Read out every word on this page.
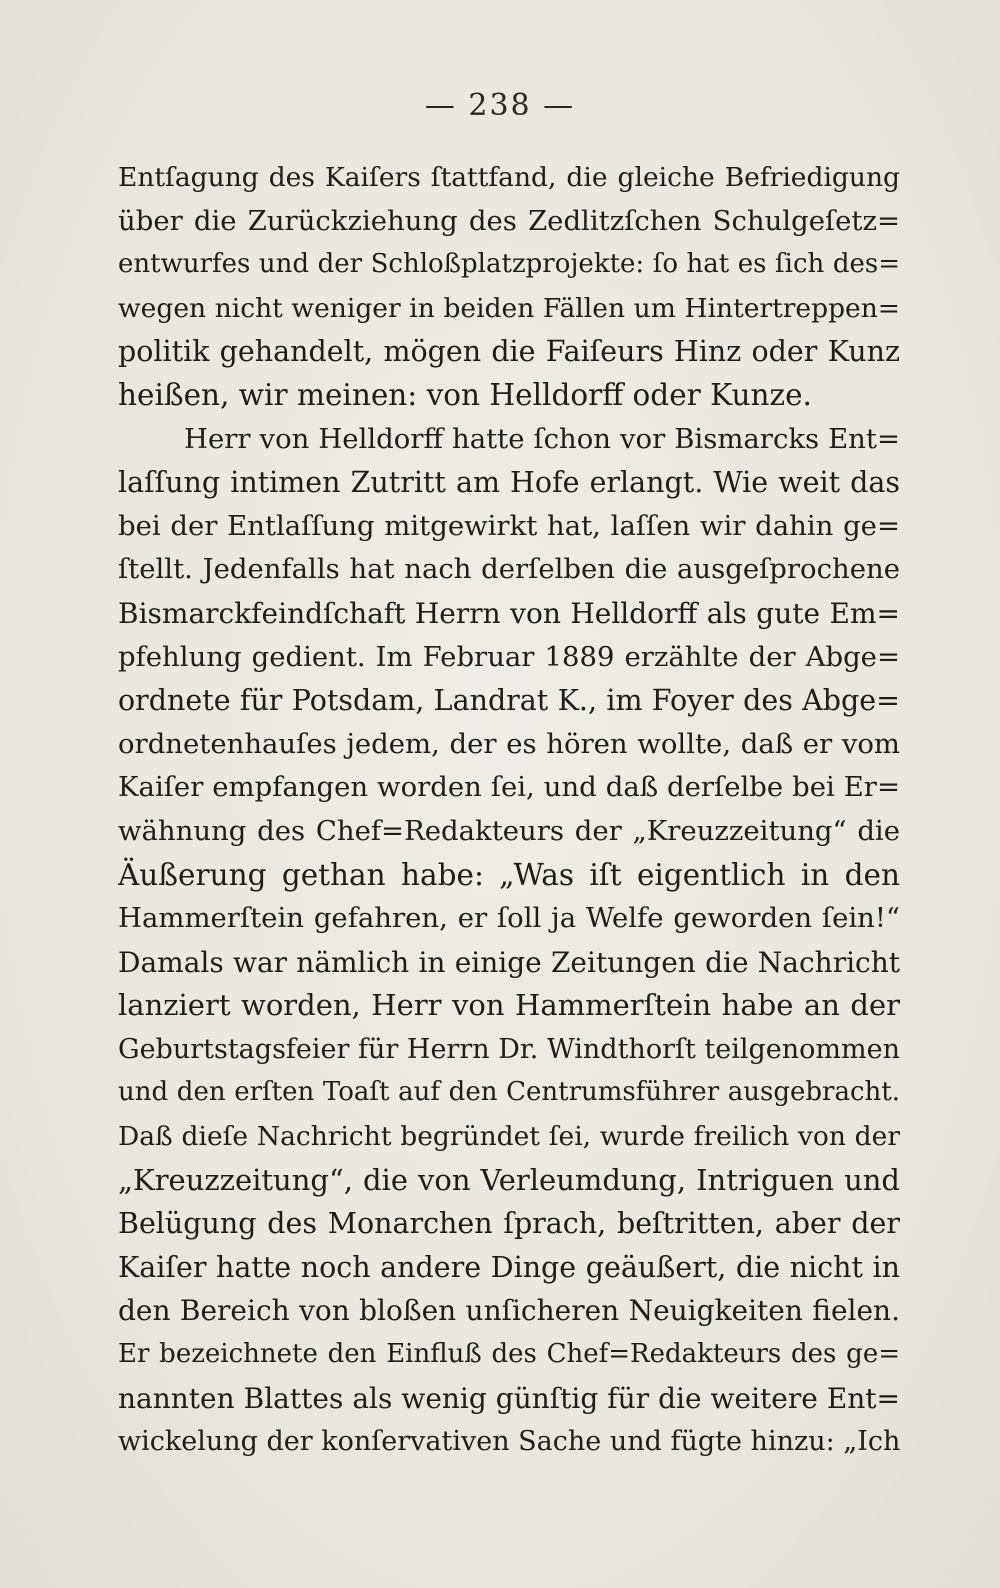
— 238 —
Entſagung des Kaiſers ſtattfand, die gleiche Befriedigung
über die Zurückziehung des Zedlitzſchen Schulgeſetz=
entwurfes und der Schloßplatzprojekte: ſo hat es ſich des=
wegen nicht weniger in beiden Fällen um Hintertreppen=
politik gehandelt, mögen die Faiſeurs Hinz oder Kunz
heißen, wir meinen: von Helldorff oder Kunze.
Herr von Helldorff hatte ſchon vor Bismarcks Ent=
laſſung intimen Zutritt am Hofe erlangt. Wie weit das
bei der Entlaſſung mitgewirkt hat, laſſen wir dahin ge=
ſtellt. Jedenfalls hat nach derſelben die ausgeſprochene
Bismarckfeindſchaft Herrn von Helldorff als gute Em=
pfehlung gedient. Im Februar 1889 erzählte der Abge=
ordnete für Potsdam, Landrat K., im Foyer des Abge=
ordnetenhauſes jedem, der es hören wollte, daß er vom
Kaiſer empfangen worden ſei, und daß derſelbe bei Er=
wähnung des Chef=Redakteurs der „Kreuzzeitung“ die
Äußerung gethan habe: „Was iſt eigentlich in den
Hammerſtein gefahren, er ſoll ja Welfe geworden ſein!“
Damals war nämlich in einige Zeitungen die Nachricht
lanziert worden, Herr von Hammerſtein habe an der
Geburtstagsfeier für Herrn Dr. Windthorſt teilgenommen
und den erſten Toaſt auf den Centrumsführer ausgebracht.
Daß dieſe Nachricht begründet ſei, wurde freilich von der
„Kreuzzeitung“, die von Verleumdung, Intriguen und
Belügung des Monarchen ſprach, beſtritten, aber der
Kaiſer hatte noch andere Dinge geäußert, die nicht in
den Bereich von bloßen unſicheren Neuigkeiten fielen.
Er bezeichnete den Einfluß des Chef=Redakteurs des ge=
nannten Blattes als wenig günſtig für die weitere Ent=
wickelung der konſervativen Sache und fügte hinzu: „Ich
